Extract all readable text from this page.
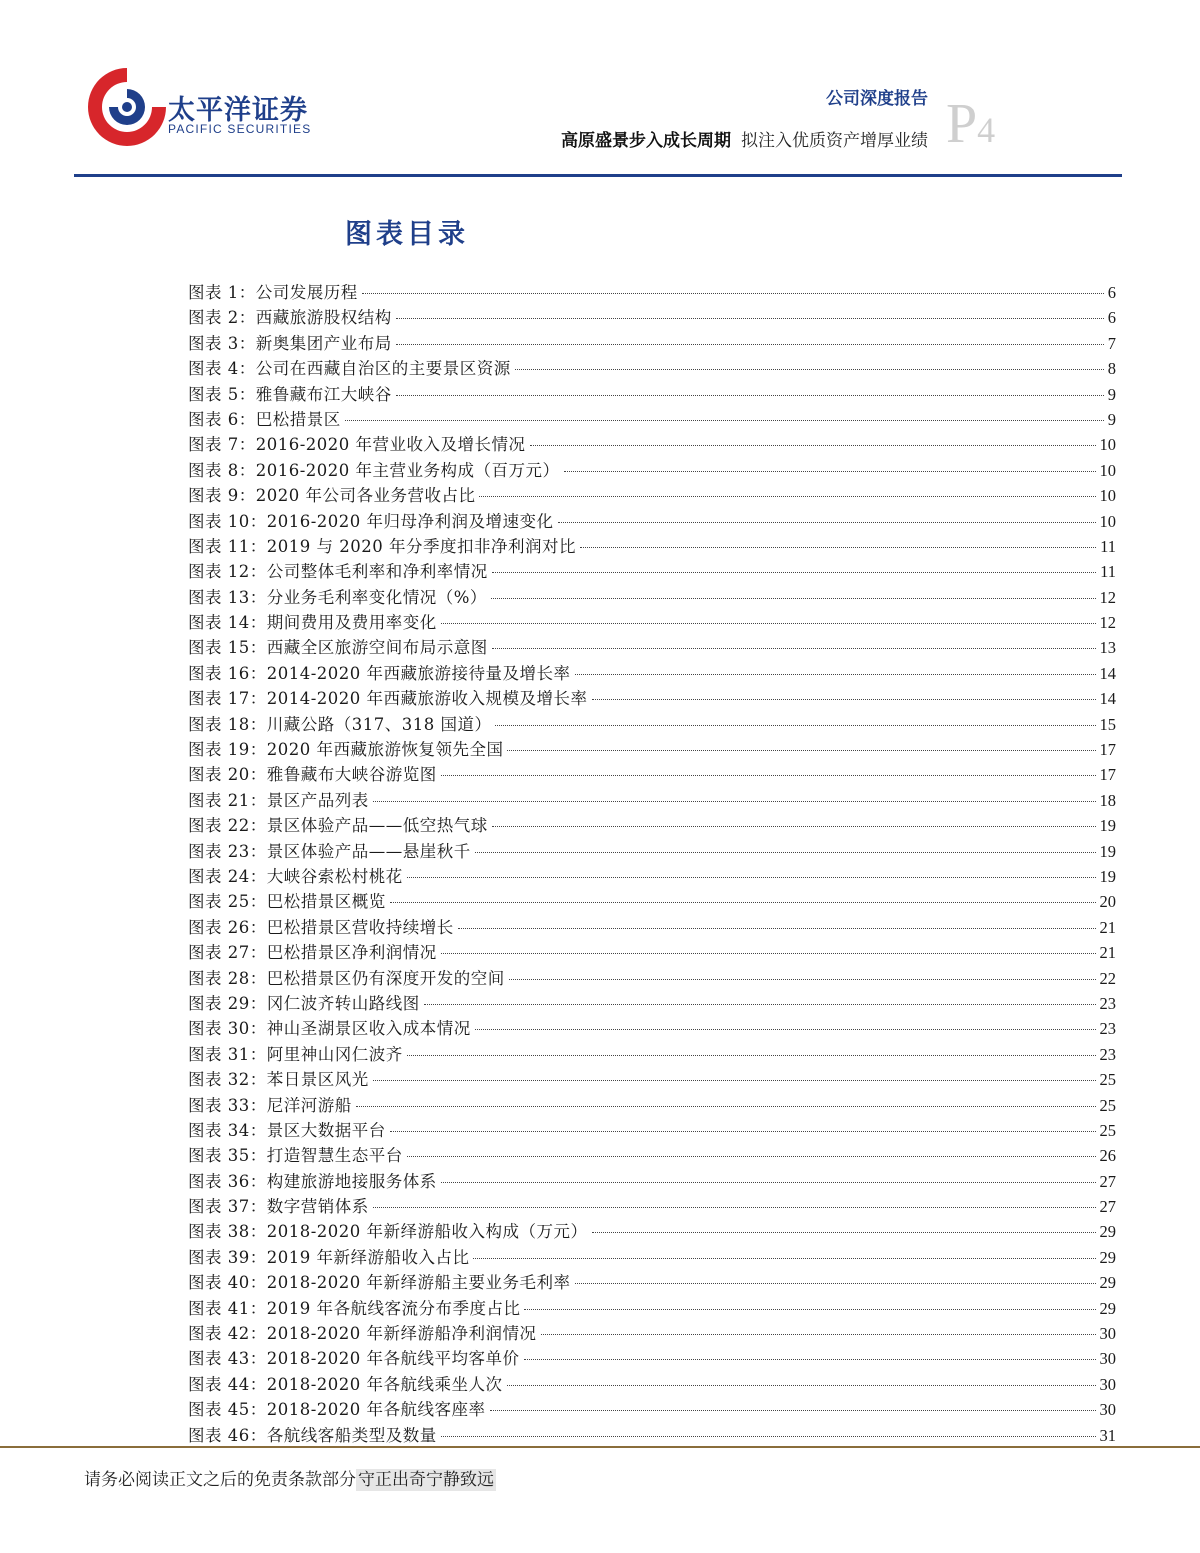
太平洋证券
PACIFIC SECURITIES
公司深度报告
高原盛景步入成长周期 拟注入优质资产增厚业绩 P4
图表目录
图表 1：公司发展历程	6
图表 2：西藏旅游股权结构	6
图表 3：新奥集团产业布局	7
图表 4：公司在西藏自治区的主要景区资源	8
图表 5：雅鲁藏布江大峡谷	9
图表 6：巴松措景区	9
图表 7：2016-2020 年营业收入及增长情况	10
图表 8：2016-2020 年主营业务构成（百万元）	10
图表 9：2020 年公司各业务营收占比	10
图表 10：2016-2020 年归母净利润及增速变化	10
图表 11：2019 与 2020 年分季度扣非净利润对比	11
图表 12：公司整体毛利率和净利率情况	11
图表 13：分业务毛利率变化情况（%）	12
图表 14：期间费用及费用率变化	12
图表 15：西藏全区旅游空间布局示意图	13
图表 16：2014-2020 年西藏旅游接待量及增长率	14
图表 17：2014-2020 年西藏旅游收入规模及增长率	14
图表 18：川藏公路（317、318 国道）	15
图表 19：2020 年西藏旅游恢复领先全国	17
图表 20：雅鲁藏布大峡谷游览图	17
图表 21：景区产品列表	18
图表 22：景区体验产品——低空热气球	19
图表 23：景区体验产品——悬崖秋千	19
图表 24：大峡谷索松村桃花	19
图表 25：巴松措景区概览	20
图表 26：巴松措景区营收持续增长	21
图表 27：巴松措景区净利润情况	21
图表 28：巴松措景区仍有深度开发的空间	22
图表 29：冈仁波齐转山路线图	23
图表 30：神山圣湖景区收入成本情况	23
图表 31：阿里神山冈仁波齐	23
图表 32：苯日景区风光	25
图表 33：尼洋河游船	25
图表 34：景区大数据平台	25
图表 35：打造智慧生态平台	26
图表 36：构建旅游地接服务体系	27
图表 37：数字营销体系	27
图表 38：2018-2020 年新绎游船收入构成（万元）	29
图表 39：2019 年新绎游船收入占比	29
图表 40：2018-2020 年新绎游船主要业务毛利率	29
图表 41：2019 年各航线客流分布季度占比	29
图表 42：2018-2020 年新绎游船净利润情况	30
图表 43：2018-2020 年各航线平均客单价	30
图表 44：2018-2020 年各航线乘坐人次	30
图表 45：2018-2020 年各航线客座率	30
图表 46：各航线客船类型及数量	31
请务必阅读正文之后的免责条款部分 守正出奇宁静致远
